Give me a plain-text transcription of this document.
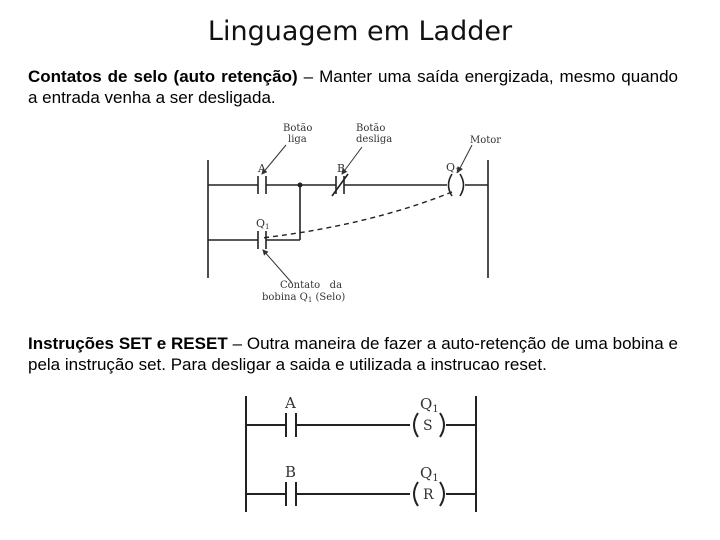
Linguagem em Ladder
Contatos de selo (auto retenção) – Manter uma saída energizada, mesmo quando a entrada venha a ser desligada.
Instruções SET e RESET – Outra maneira de fazer a auto-retenção de uma bobina e pela instrução set. Para desligar a saida e utilizada a instrucao reset.
Botão
liga
Botão
desliga	Motor
A	B	Q1
Q1
Contato   da
bobina $Q_1$ (Selo)
A	$Q_1$
S
B	$Q_1$
R
